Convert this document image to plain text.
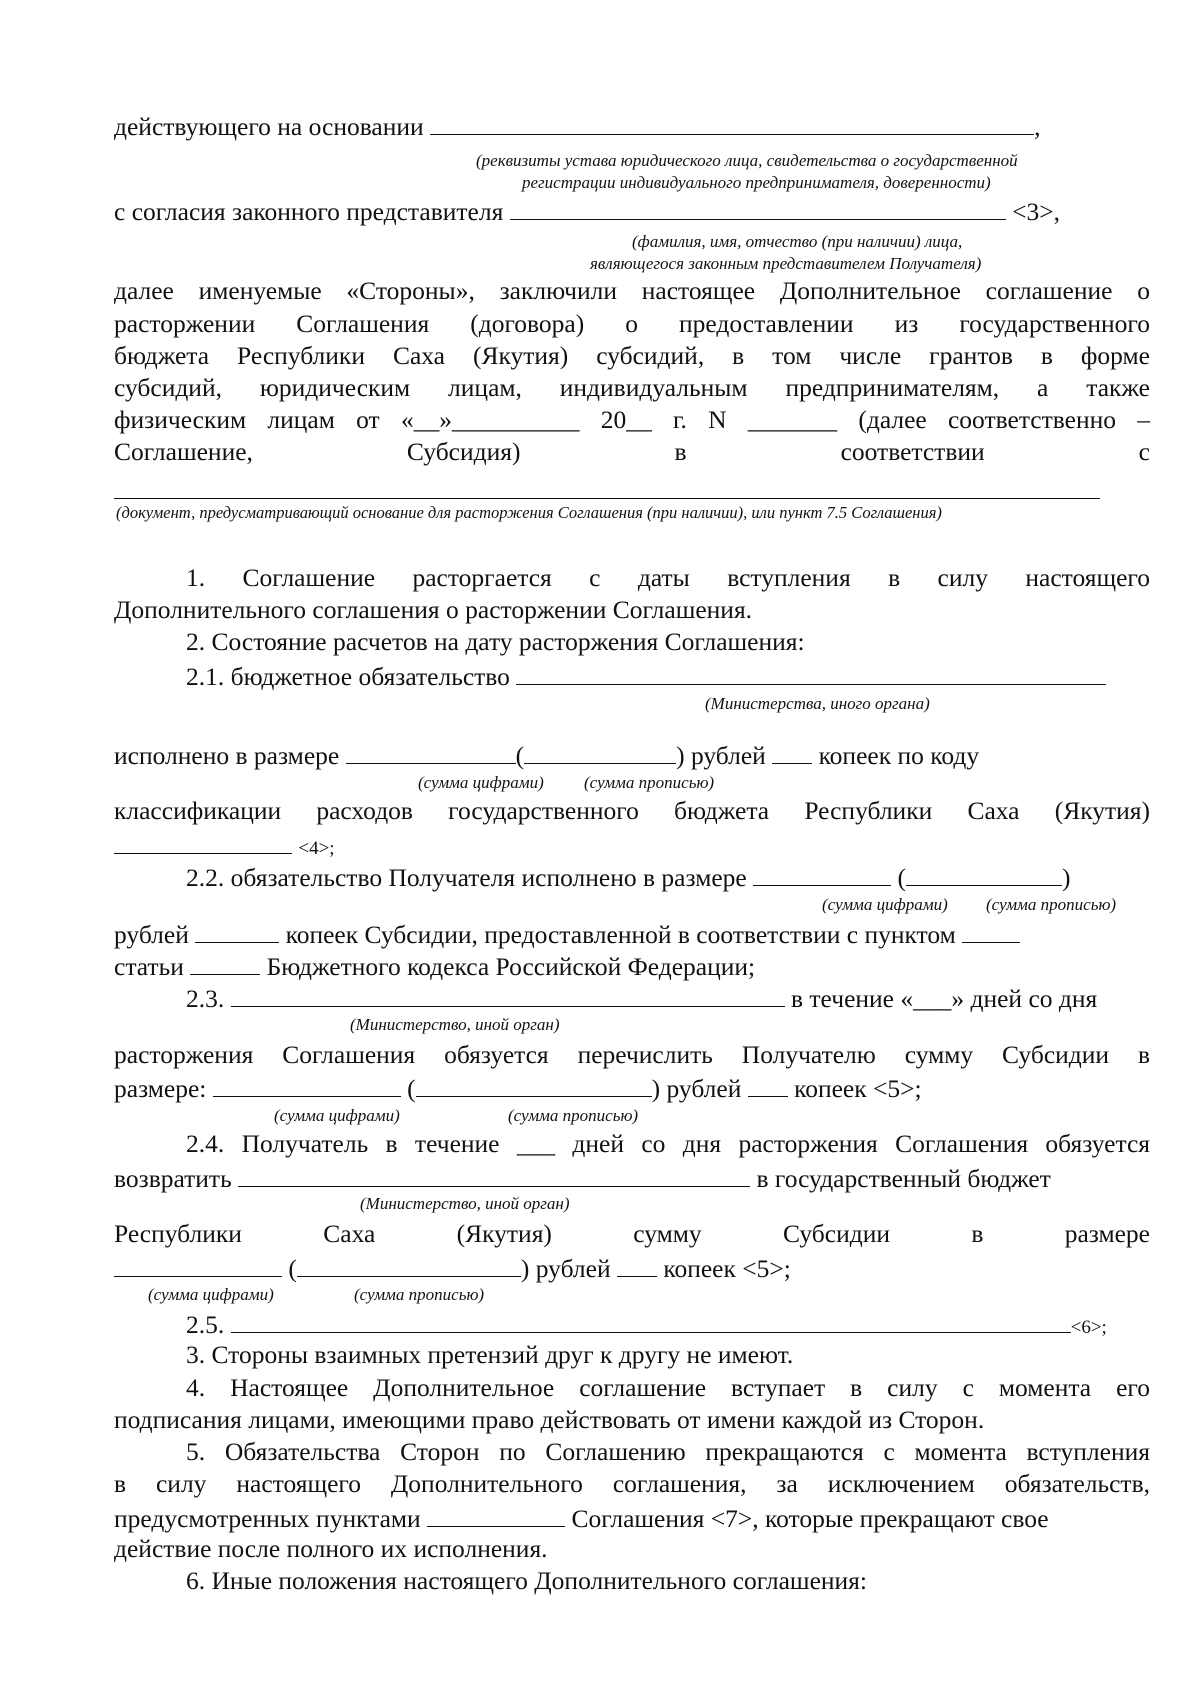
действующего на основании	,
(реквизиты устава юридического лица, свидетельства о государственной
регистрации индивидуального предпринимателя, доверенности)
с согласия законного представителя	<3>,
(фамилия, имя, отчество (при наличии) лица,
являющегося законным представителем Получателя)
далее именуемые «Стороны», заключили настоящее Дополнительное соглашение о
расторжении Соглашения (договора) о предоставлении из государственного
бюджета Республики Саха (Якутия) субсидий, в том числе грантов в форме
субсидий, юридическим лицам, индивидуальным предпринимателям, а также
физическим лицам от «__»__________ 20__ г. N _______ (далее соответственно –
Соглашение, Субсидия) в соответствии с
(документ, предусматривающий основание для расторжения Соглашения (при наличии), или пункт 7.5 Соглашения)
1. Соглашение расторгается с даты вступления в силу настоящего
Дополнительного соглашения о расторжении Соглашения.
2. Состояние расчетов на дату расторжения Соглашения:
2.1. бюджетное обязательство
(Министерства, иного органа)
исполнено в размере	(	) рублей копеек по коду
(сумма цифрами) (сумма прописью)
классификации расходов государственного бюджета Республики Саха (Якутия)
<4>;
2.2. обязательство Получателя исполнено в размере	(	)
(сумма цифрами) (сумма прописью)
рублей	копеек Субсидии, предоставленной в соответствии с пунктом
статьи	Бюджетного кодекса Российской Федерации;
2.3.	в течение «___» дней со дня
(Министерство, иной орган)
расторжения Соглашения обязуется перечислить Получателю сумму Субсидии в
размере:	(	) рублей копеек <5>;
(сумма цифрами)	(сумма прописью)
2.4. Получатель в течение ___ дней со дня расторжения Соглашения обязуется
возвратить	в государственный бюджет
(Министерство, иной орган)
Республики Саха (Якутия) сумму Субсидии в размере
(	) рублей копеек <5>;
(сумма цифрами)	(сумма прописью)
2.5.	<6>;
3. Стороны взаимных претензий друг к другу не имеют.
4. Настоящее Дополнительное соглашение вступает в силу с момента его
подписания лицами, имеющими право действовать от имени каждой из Сторон.
5. Обязательства Сторон по Соглашению прекращаются с момента вступления
в силу настоящего Дополнительного соглашения, за исключением обязательств,
предусмотренных пунктами	Соглашения <7>, которые прекращают свое
действие после полного их исполнения.
6. Иные положения настоящего Дополнительного соглашения:
